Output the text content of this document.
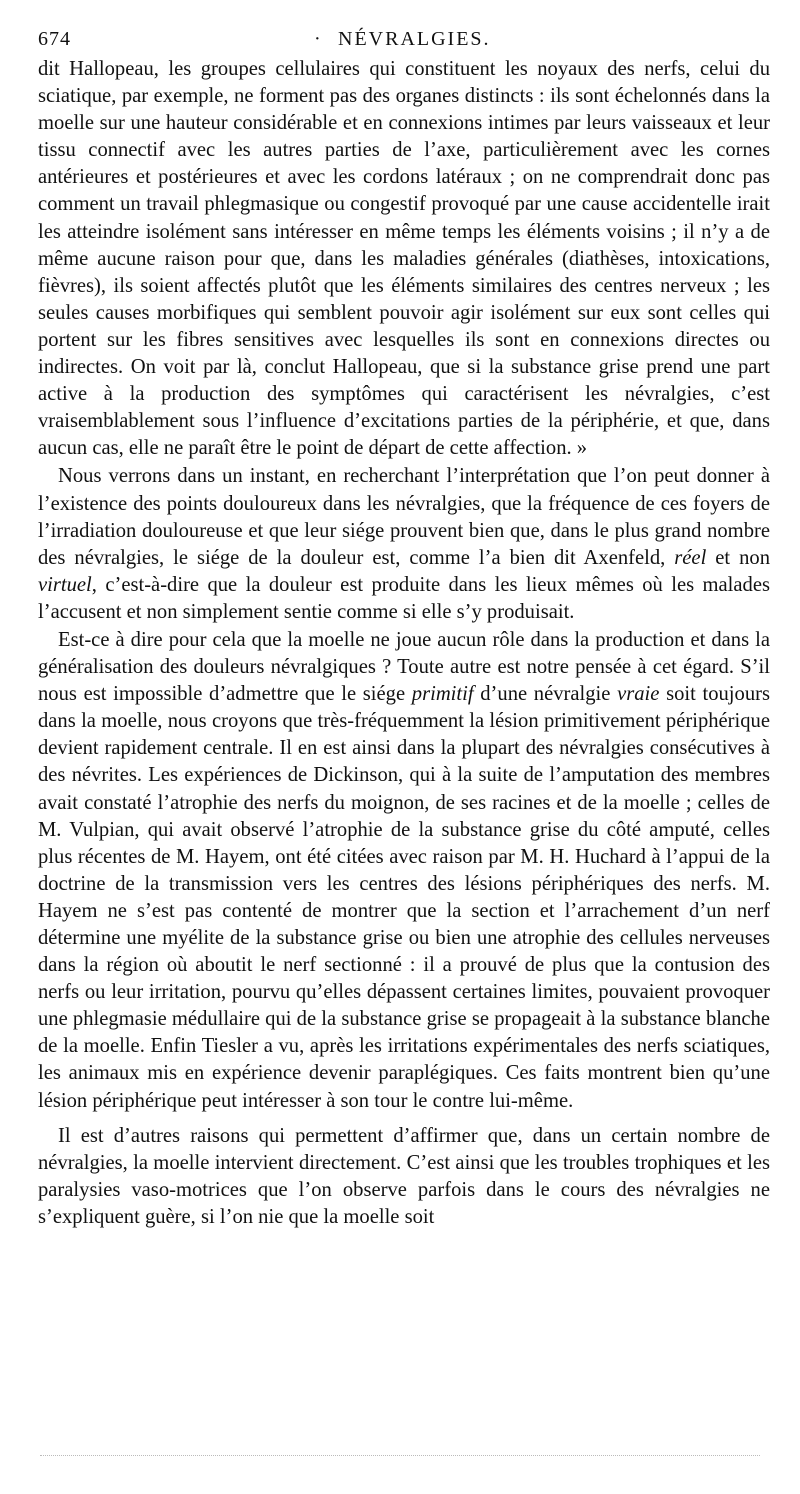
674	· NÉVRALGIES.

dit Hallopeau, les groupes cellulaires qui constituent les noyaux des nerfs, celui du sciatique, par exemple, ne forment pas des organes distincts : ils sont échelonnés dans la moelle sur une hauteur considérable et en connexions intimes par leurs vaisseaux et leur tissu connectif avec les autres parties de l’axe, particulièrement avec les cornes antérieures et postérieures et avec les cordons latéraux ; on ne comprendrait donc pas comment un travail phlegmasique ou congestif provoqué par une cause accidentelle irait les atteindre isolément sans intéresser en même temps les éléments voisins ; il n’y a de même aucune raison pour que, dans les maladies générales (diathèses, intoxications, fièvres), ils soient affectés plutôt que les éléments similaires des centres nerveux ; les seules causes morbifiques qui semblent pouvoir agir isolément sur eux sont celles qui portent sur les fibres sensitives avec lesquelles ils sont en connexions directes ou indirectes. On voit par là, conclut Hallopeau, que si la substance grise prend une part active à la production des symptômes qui caractérisent les névralgies, c’est vraisemblablement sous l’influence d’excitations parties de la périphérie, et que, dans aucun cas, elle ne paraît être le point de départ de cette affection. »

Nous verrons dans un instant, en recherchant l’interprétation que l’on peut donner à l’existence des points douloureux dans les névralgies, que la fréquence de ces foyers de l’irradiation douloureuse et que leur siége prouvent bien que, dans le plus grand nombre des névralgies, le siége de la douleur est, comme l’a bien dit Axenfeld, réel et non virtuel, c’est-à-dire que la douleur est produite dans les lieux mêmes où les malades l’accusent et non simplement sentie comme si elle s’y produisait.

Est-ce à dire pour cela que la moelle ne joue aucun rôle dans la production et dans la généralisation des douleurs névralgiques ? Toute autre est notre pensée à cet égard. S’il nous est impossible d’admettre que le siége primitif d’une névralgie vraie soit toujours dans la moelle, nous croyons que très-fréquemment la lésion primitivement périphérique devient rapidement centrale. Il en est ainsi dans la plupart des névralgies consécutives à des névrites. Les expériences de Dickinson, qui à la suite de l’amputation des membres avait constaté l’atrophie des nerfs du moignon, de ses racines et de la moelle ; celles de M. Vulpian, qui avait observé l’atrophie de la substance grise du côté amputé, celles plus récentes de M. Hayem, ont été citées avec raison par M. H. Huchard à l’appui de la doctrine de la transmission vers les centres des lésions périphériques des nerfs. M. Hayem ne s’est pas contenté de montrer que la section et l’arrachement d’un nerf détermine une myélite de la substance grise ou bien une atrophie des cellules nerveuses dans la région où aboutit le nerf sectionné : il a prouvé de plus que la contusion des nerfs ou leur irritation, pourvu qu’elles dépassent certaines limites, pouvaient provoquer une phlegmasie médullaire qui de la substance grise se propageait à la substance blanche de la moelle. Enfin Tiesler a vu, après les irritations expérimentales des nerfs sciatiques, les animaux mis en expérience devenir paraplégiques. Ces faits montrent bien qu’une lésion périphérique peut intéresser à son tour le contre lui-même.

Il est d’autres raisons qui permettent d’affirmer que, dans un certain nombre de névralgies, la moelle intervient directement. C’est ainsi que les troubles trophiques et les paralysies vaso-motrices que l’on observe parfois dans le cours des névralgies ne s’expliquent guère, si l’on nie que la moelle soit
